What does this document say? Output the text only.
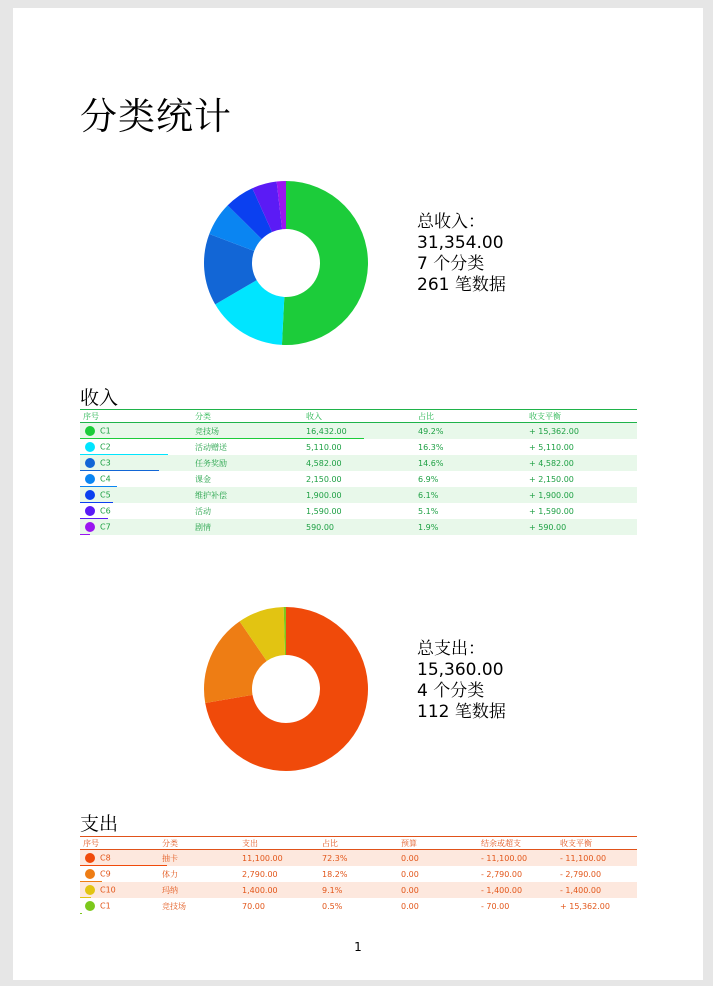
分类统计
总收入：
31,354.00
7 个分类
261 笔数据
收入
序号	分类	收入	占比	收支平衡
C1	竞技场	16,432.00	49.2%	+ 15,362.00
C2	活动赠送	5,110.00	16.3%	+ 5,110.00
C3	任务奖励	4,582.00	14.6%	+ 4,582.00
C4	课金	2,150.00	6.9%	+ 2,150.00
C5	维护补偿	1,900.00	6.1%	+ 1,900.00
C6	活动	1,590.00	5.1%	+ 1,590.00
C7	剧情	590.00	1.9%	+ 590.00
总支出：
15,360.00
4 个分类
112 笔数据
支出
序号	分类	支出	占比	预算	结余或超支	收支平衡
C8	抽卡	11,100.00	72.3%	0.00	- 11,100.00	- 11,100.00
C9	体力	2,790.00	18.2%	0.00	- 2,790.00	- 2,790.00
C10	玛纳	1,400.00	9.1%	0.00	- 1,400.00	- 1,400.00
C1	竞技场	70.00	0.5%	0.00	- 70.00	+ 15,362.00
1
